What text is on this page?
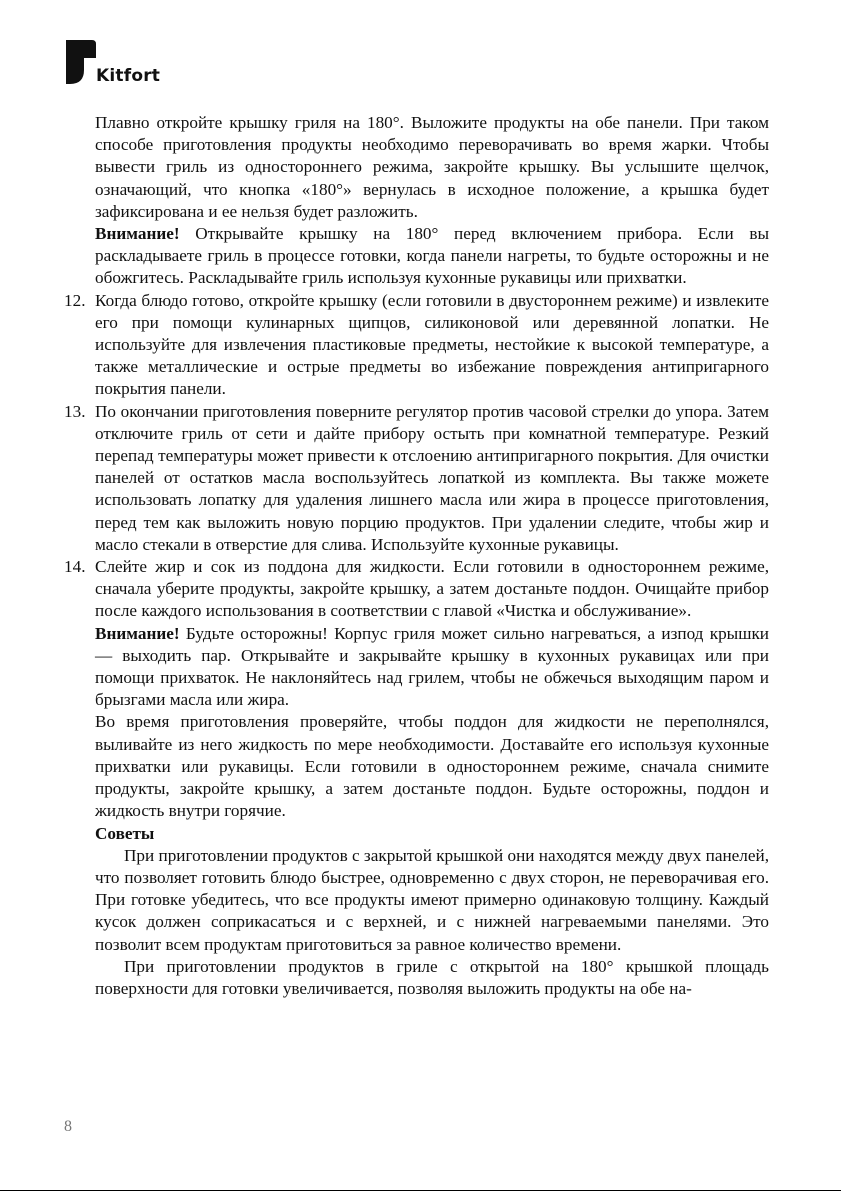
Kitfort

Плавно откройте крышку гриля на 180°. Выложите продукты на обе панели. При таком способе приготовления продукты необходимо переворачивать во время жарки. Чтобы вывести гриль из одностороннего режима, закройте крышку. Вы услышите щелчок, означающий, что кнопка «180°» вернулась в исходное положение, а крышка будет зафиксирована и ее нельзя будет разложить.

Внимание! Открывайте крышку на 180° перед включением прибора. Если вы раскладываете гриль в процессе готовки, когда панели нагреты, то будьте осторожны и не обожгитесь. Раскладывайте гриль используя кухонные рукавицы или прихватки.

12. Когда блюдо готово, откройте крышку (если готовили в двустороннем режиме) и извлеките его при помощи кулинарных щипцов, силиконовой или деревянной лопатки. Не используйте для извлечения пластиковые предметы, нестойкие к высокой температуре, а также металлические и острые предметы во избежание повреждения антипригарного покрытия панели.

13. По окончании приготовления поверните регулятор против часовой стрелки до упора. Затем отключите гриль от сети и дайте прибору остыть при комнатной температуре. Резкий перепад температуры может привести к отслоению антипригарного покрытия. Для очистки панелей от остатков масла воспользуйтесь лопаткой из комплекта. Вы также можете использовать лопатку для удаления лишнего масла или жира в процессе приготовления, перед тем как выложить новую порцию продуктов. При удалении следите, чтобы жир и масло стекали в отверстие для слива. Используйте кухонные рукавицы.

14. Слейте жир и сок из поддона для жидкости. Если готовили в одностороннем режиме, сначала уберите продукты, закройте крышку, а затем достаньте поддон. Очищайте прибор после каждого использования в соответствии с главой «Чистка и обслуживание».

Внимание! Будьте осторожны! Корпус гриля может сильно нагреваться, а изпод крышки — выходить пар. Открывайте и закрывайте крышку в кухонных рукавицах или при помощи прихваток. Не наклоняйтесь над грилем, чтобы не обжечься выходящим паром и брызгами масла или жира.

Во время приготовления проверяйте, чтобы поддон для жидкости не переполнялся, выливайте из него жидкость по мере необходимости. Доставайте его используя кухонные прихватки или рукавицы. Если готовили в одностороннем режиме, сначала снимите продукты, закройте крышку, а затем достаньте поддон. Будьте осторожны, поддон и жидкость внутри горячие.

Советы

При приготовлении продуктов с закрытой крышкой они находятся между двух панелей, что позволяет готовить блюдо быстрее, одновременно с двух сторон, не переворачивая его. При готовке убедитесь, что все продукты имеют примерно одинаковую толщину. Каждый кусок должен соприкасаться и с верхней, и с нижней нагреваемыми панелями. Это позволит всем продуктам приготовиться за равное количество времени.

При приготовлении продуктов в гриле с открытой на 180° крышкой площадь поверхности для готовки увеличивается, позволяя выложить продукты на обе на-

8
